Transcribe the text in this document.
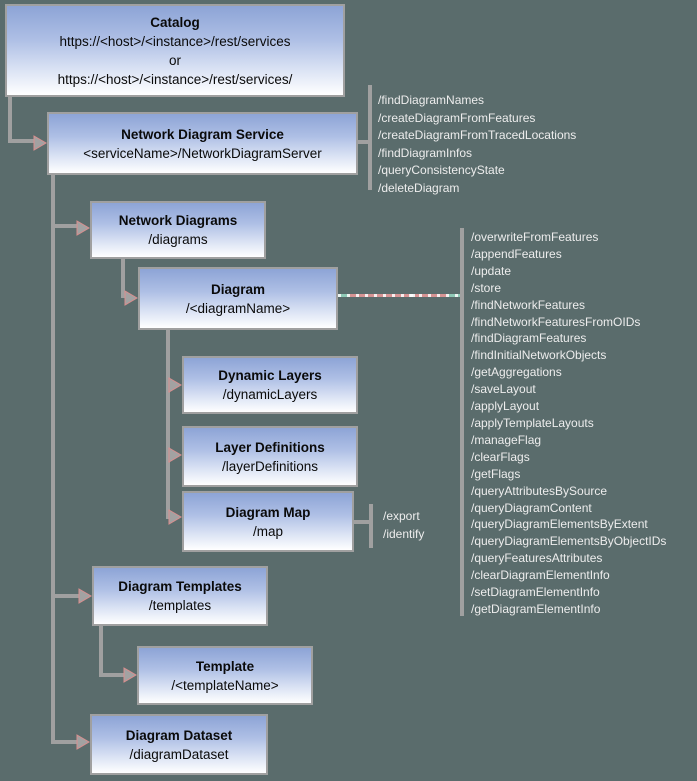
Catalog
https://<host>/<instance>/rest/services
or
https://<host>/<instance>/rest/services/
Network Diagram Service
<serviceName>/NetworkDiagramServer
Network Diagrams
/diagrams
Diagram
/<diagramName>
Dynamic Layers
/dynamicLayers
Layer Definitions
/layerDefinitions
Diagram Map
/map
Diagram Templates
/templates
Template
/<templateName>
Diagram Dataset
/diagramDataset
/findDiagramNames
/createDiagramFromFeatures
/createDiagramFromTracedLocations
/findDiagramInfos
/queryConsistencyState
/deleteDiagram
/overwriteFromFeatures
/appendFeatures
/update
/store
/findNetworkFeatures
/findNetworkFeaturesFromOIDs
/findDiagramFeatures
/findInitialNetworkObjects
/getAggregations
/saveLayout
/applyLayout
/applyTemplateLayouts
/manageFlag
/clearFlags
/getFlags
/queryAttributesBySource
/queryDiagramContent
/queryDiagramElementsByExtent
/queryDiagramElementsByObjectIDs
/queryFeaturesAttributes
/clearDiagramElementInfo
/setDiagramElementInfo
/getDiagramElementInfo
/export
/identify
